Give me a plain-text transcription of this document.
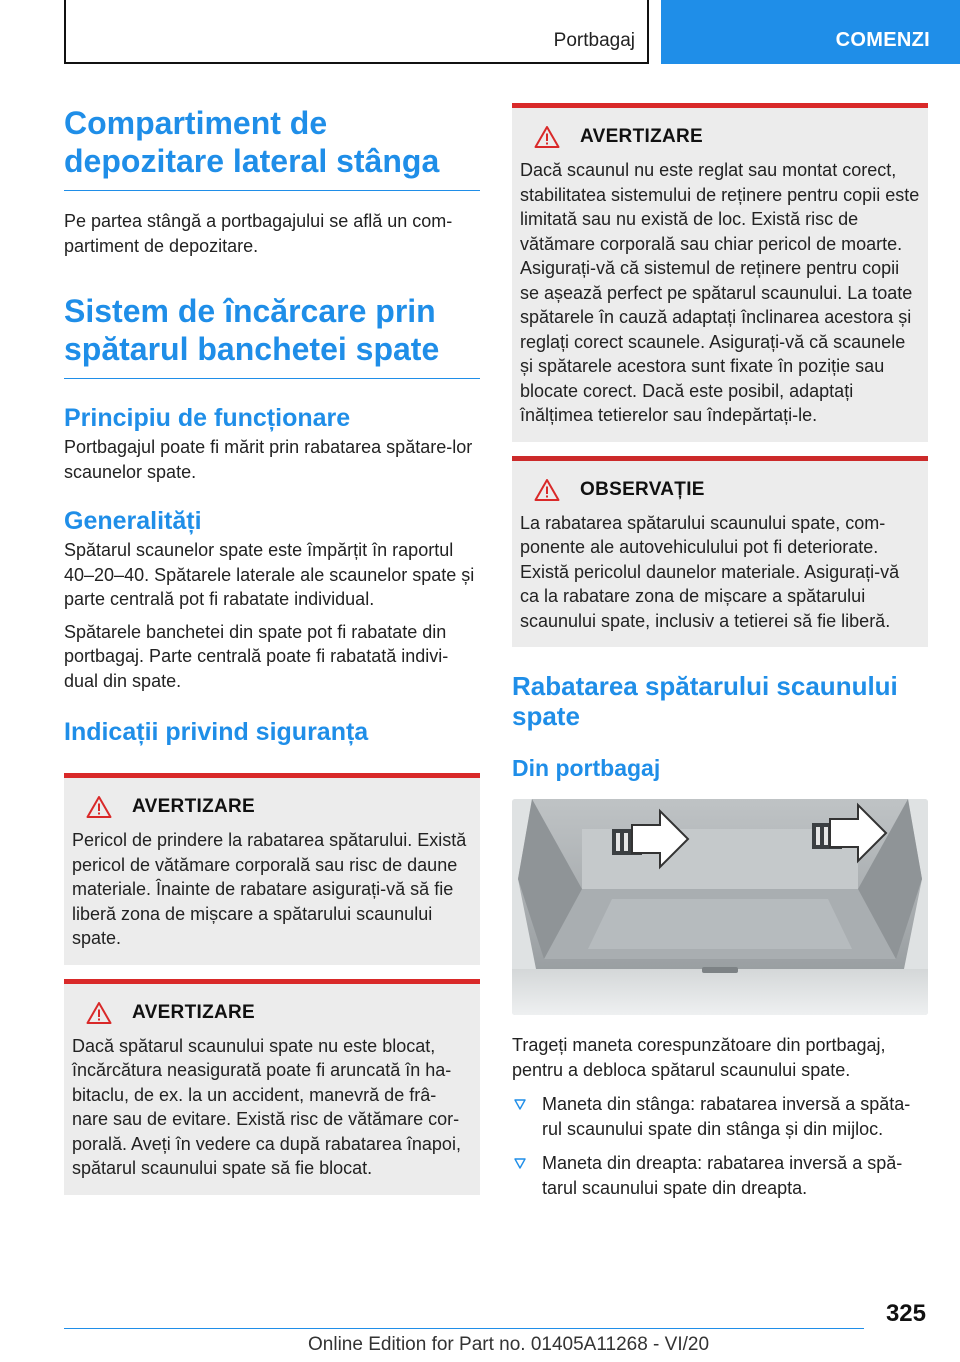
Portbagaj	COMENZI
Compartiment de depozitare lateral stânga

Pe partea stângă a portbagajului se află un com-partiment de depozitare.

Sistem de încărcare prin spătarul banchetei spate
Principiu de funcționare

Portbagajul poate fi mărit prin rabatarea spătare-lor scaunelor spate.

Generalități

Spătarul scaunelor spate este împărțit în raportul 40–20–40. Spătarele laterale ale scaunelor spate și parte centrală pot fi rabatate individual.

Spătarele banchetei din spate pot fi rabatate din portbagaj. Parte centrală poate fi rabatată indivi-dual din spate.

Indicații privind siguranța
AVERTIZARE

Pericol de prindere la rabatarea spătarului. Există pericol de vătămare corporală sau risc de daune materiale. Înainte de rabatare asigurați-vă să fie liberă zona de mișcare a spătarului scaunului spate.

AVERTIZARE

Dacă spătarul scaunului spate nu este blocat, încărcătura neasigurată poate fi aruncată în ha-bitaclu, de ex. la un accident, manevră de frâ-nare sau de evitare. Există risc de vătămare cor-porală. Aveți în vedere ca după rabatarea înapoi, spătarul scaunului spate să fie blocat.

AVERTIZARE

Dacă scaunul nu este reglat sau montat corect, stabilitatea sistemului de reținere pentru copii este limitată sau nu există de loc. Există risc de vătămare corporală sau chiar pericol de moarte. Asigurați-vă că sistemul de reținere pentru copii se așează perfect pe spătarul scaunului. La toate spătarele în cauză adaptați înclinarea acestora și reglați corect scaunele. Asigurați-vă că scaunele și spătarele acestora sunt fixate în poziție sau blocate corect. Dacă este posibil, adaptați înălțimea tetierelor sau îndepărtați-le.

OBSERVAȚIE

La rabatarea spătarului scaunului spate, com-ponente ale autovehiculului pot fi deteriorate. Există pericolul daunelor materiale. Asigurați-vă ca la rabatare zona de mișcare a spătarului scaunului spate, inclusiv a tetierei să fie liberă.

Rabatarea spătarului scaunului spate
Din portbagaj

Trageți maneta corespunzătoare din portbagaj, pentru a debloca spătarul scaunului spate.

Maneta din stânga: rabatarea inversă a spăta-rul scaunului spate din stânga și din mijloc.
Maneta din dreapta: rabatarea inversă a spă-tarul scaunului spate din dreapta.
325
Online Edition for Part no. 01405A11268 - VI/20
